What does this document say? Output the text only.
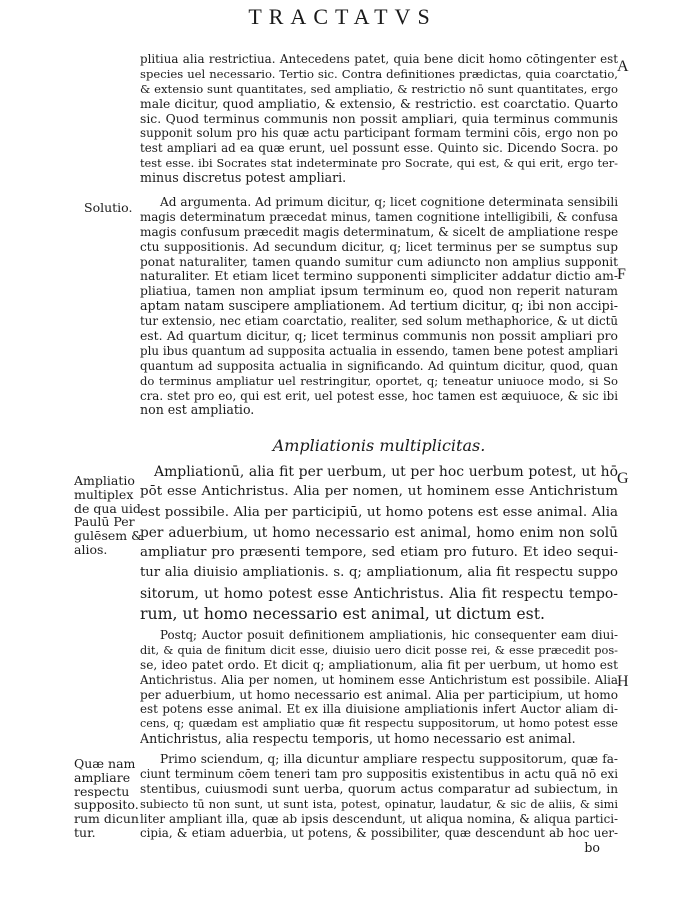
TRACTATVS
A
F
G
H
Solutio.
Ampliatio
multiplex
de qua uid
Paulū Per
gulēsem &
alios.
Quæ nam
ampliare
respectu
supposito.
rum dicun
tur.
plitiua alia restrictiua. Antecedens patet, quia bene dicit homo cōtingenter est
species uel necessario. Tertio sic. Contra definitiones prædictas, quia coarctatio,
& extensio sunt quantitates, sed ampliatio, & restrictio nō sunt quantitates, ergo
male dicitur, quod ampliatio, & extensio, & restrictio. est coarctatio. Quarto
sic. Quod terminus communis non possit ampliari, quia terminus communis
supponit solum pro his quæ actu participant formam termini cōis, ergo non po
test ampliari ad ea quæ erunt, uel possunt esse. Quinto sic. Dicendo Socra. po
test esse. ibi Socrates stat indeterminate pro Socrate, qui est, & qui erit, ergo ter-
minus discretus potest ampliari.
Ad argumenta. Ad primum dicitur, q; licet cognitione determinata sensibili
magis determinatum præcedat minus, tamen cognitione intelligibili, & confusa
magis confusum præcedit magis determinatum, & sicelt de ampliatione respe
ctu suppositionis. Ad secundum dicitur, q; licet terminus per se sumptus sup
ponat naturaliter, tamen quando sumitur cum adiuncto non amplius supponit
naturaliter. Et etiam licet termino supponenti simpliciter addatur dictio am-
pliatiua, tamen non ampliat ipsum terminum eo, quod non reperit naturam
aptam natam suscipere ampliationem. Ad tertium dicitur, q; ibi non accipi-
tur extensio, nec etiam coarctatio, realiter, sed solum methaphorice, & ut dictū
est. Ad quartum dicitur, q; licet terminus communis non possit ampliari pro
plu ibus quantum ad supposita actualia in essendo, tamen bene potest ampliari
quantum ad supposita actualia in significando. Ad quintum dicitur, quod, quan
do terminus ampliatur uel restringitur, oportet, q; teneatur uniuoce modo, si So
cra. stet pro eo, qui est erit, uel potest esse, hoc tamen est æquiuoce, & sic ibi
non est ampliatio.
Ampliationis multiplicitas.
Ampliationū, alia fit per uerbum, ut per hoc uerbum potest, ut hō
pōt esse Antichristus. Alia per nomen, ut hominem esse Antichristum
est possibile. Alia per participiū, ut homo potens est esse animal. Alia
per aduerbium, ut homo necessario est animal, homo enim non solū
ampliatur pro præsenti tempore, sed etiam pro futuro. Et ideo sequi-
tur alia diuisio ampliationis. s. q; ampliationum, alia fit respectu suppo
sitorum, ut homo potest esse Antichristus. Alia fit respectu tempo-
rum, ut homo necessario est animal, ut dictum est.
Postq; Auctor posuit definitionem ampliationis, hic consequenter eam diui-
dit, & quia de finitum dicit esse, diuisio uero dicit posse rei, & esse præcedit pos-
se, ideo patet ordo. Et dicit q; ampliationum, alia fit per uerbum, ut homo est
Antichristus. Alia per nomen, ut hominem esse Antichristum est possibile. Alia
per aduerbium, ut homo necessario est animal. Alia per participium, ut homo
est potens esse animal. Et ex illa diuisione ampliationis infert Auctor aliam di-
cens, q; quædam est ampliatio quæ fit respectu suppositorum, ut homo potest esse
Antichristus, alia respectu temporis, ut homo necessario est animal.
Primo sciendum, q; illa dicuntur ampliare respectu suppositorum, quæ fa-
ciunt terminum cōem teneri tam pro suppositis existentibus in actu quā nō exi
stentibus, cuiusmodi sunt uerba, quorum actus comparatur ad subiectum, in
subiecto tū non sunt, ut sunt ista, potest, opinatur, laudatur, & sic de aliis, & simi
liter ampliant illa, quæ ab ipsis descendunt, ut aliqua nomina, & aliqua partici-
cipia, & etiam aduerbia, ut potens, & possibiliter, quæ descendunt ab hoc uer-
bo
